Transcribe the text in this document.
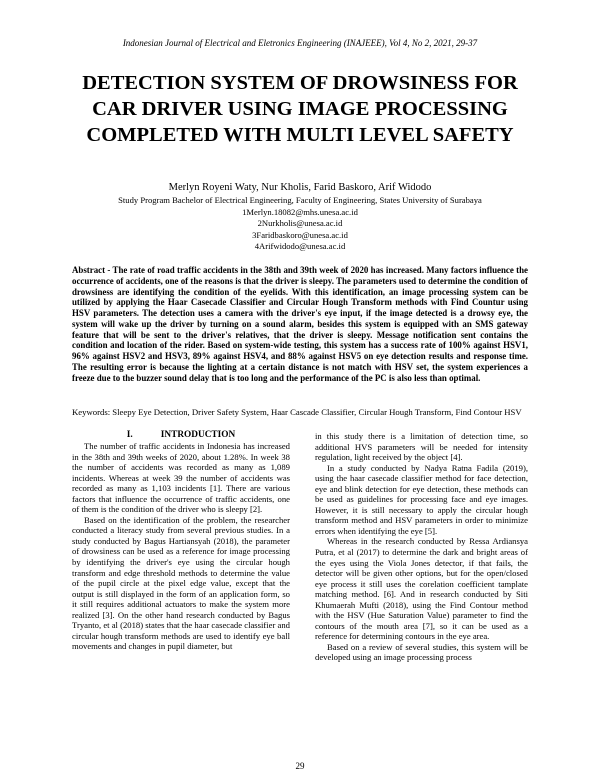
Indonesian Journal of Electrical and Eletronics Engineering (INAJEEE), Vol 4, No 2, 2021, 29-37
DETECTION SYSTEM OF DROWSINESS FOR CAR DRIVER USING IMAGE PROCESSING COMPLETED WITH MULTI LEVEL SAFETY
Merlyn Royeni Waty, Nur Kholis, Farid Baskoro, Arif Widodo
Study Program Bachelor of Electrical Engineering, Faculty of Engineering, States University of Surabaya
1Merlyn.18082@mhs.unesa.ac.id
2Nurkholis@unesa.ac.id
3Faridbaskoro@unesa.ac.id
4Arifwidodo@unesa.ac.id

Abstract - The rate of road traffic accidents in the 38th and 39th week of 2020 has increased. Many factors influence the occurrence of accidents, one of the reasons is that the driver is sleepy. The parameters used to determine the condition of drowsiness are identifying the condition of the eyelids. With this identification, an image processing system can be utilized by applying the Haar Casecade Classifier and Circular Hough Transform methods with Find Countur using HSV parameters. The detection uses a camera with the driver's eye input, if the image detected is a drowsy eye, the system will wake up the driver by turning on a sound alarm, besides this system is equipped with an SMS gateway feature that will be sent to the driver's relatives, that the driver is sleepy. Message notification sent contains the condition and location of the rider. Based on system-wide testing, this system has a success rate of 100% against HSV1, 96% against HSV2 and HSV3, 89% against HSV4, and 88% against HSV5 on eye detection results and response time. The resulting error is because the lighting at a certain distance is not match with HSV set, the system experiences a freeze due to the buzzer sound delay that is too long and the performance of the PC is also less than optimal.

Keywords: Sleepy Eye Detection, Driver Safety System, Haar Cascade Classifier, Circular Hough Transform, Find Contour HSV

I.	INTRODUCTION

The number of traffic accidents in Indonesia has increased in the 38th and 39th weeks of 2020, about 1.28%. In week 38 the number of accidents was recorded as many as 1,089 incidents. Whereas at week 39 the number of accidents was recorded as many as 1,103 incidents [1]. There are various factors that influence the occurrence of traffic accidents, one of them is the condition of the driver who is sleepy [2].

Based on the identification of the problem, the researcher conducted a literacy study from several previous studies. In a study conducted by Bagus Hartiansyah (2018), the parameter of drowsiness can be used as a reference for image processing by identifying the driver's eye using the circular hough transform and edge threshold methods to determine the value of the pupil circle at the pixel edge value, except that the output is still displayed in the form of an application form, so it still requires additional actuators to make the system more realized [3]. On the other hand research conducted by Bagus Tryanto, et al (2018) states that the haar casecade classifier and circular hough transform methods are used to identify eye ball movements and changes in pupil diameter, but

in this study there is a limitation of detection time, so additional HVS parameters will be needed for intensity regulation, light received by the object [4].

In a study conducted by Nadya Ratna Fadila (2019), using the haar casecade classifier method for face detection, eye and blink detection for eye detection, these methods can be used as guidelines for processing face and eye images. However, it is still necessary to apply the circular hough transform method and HSV parameters in order to minimize errors when identifying the eye [5].

Whereas in the research conducted by Ressa Ardiansya Putra, et al (2017) to determine the dark and bright areas of the eyes using the Viola Jones detector, if that fails, the detector will be given other options, but for the open/closed eye process it still uses the corelation coefficient tamplate matching method. [6]. And in research conducted by Siti Khumaerah Mufti (2018), using the Find Contour method with the HSV (Hue Saturation Value) parameter to find the contours of the mouth area [7], so it can be used as a reference for determining contours in the eye area.

Based on a review of several studies, this system will be developed using an image processing process

29
